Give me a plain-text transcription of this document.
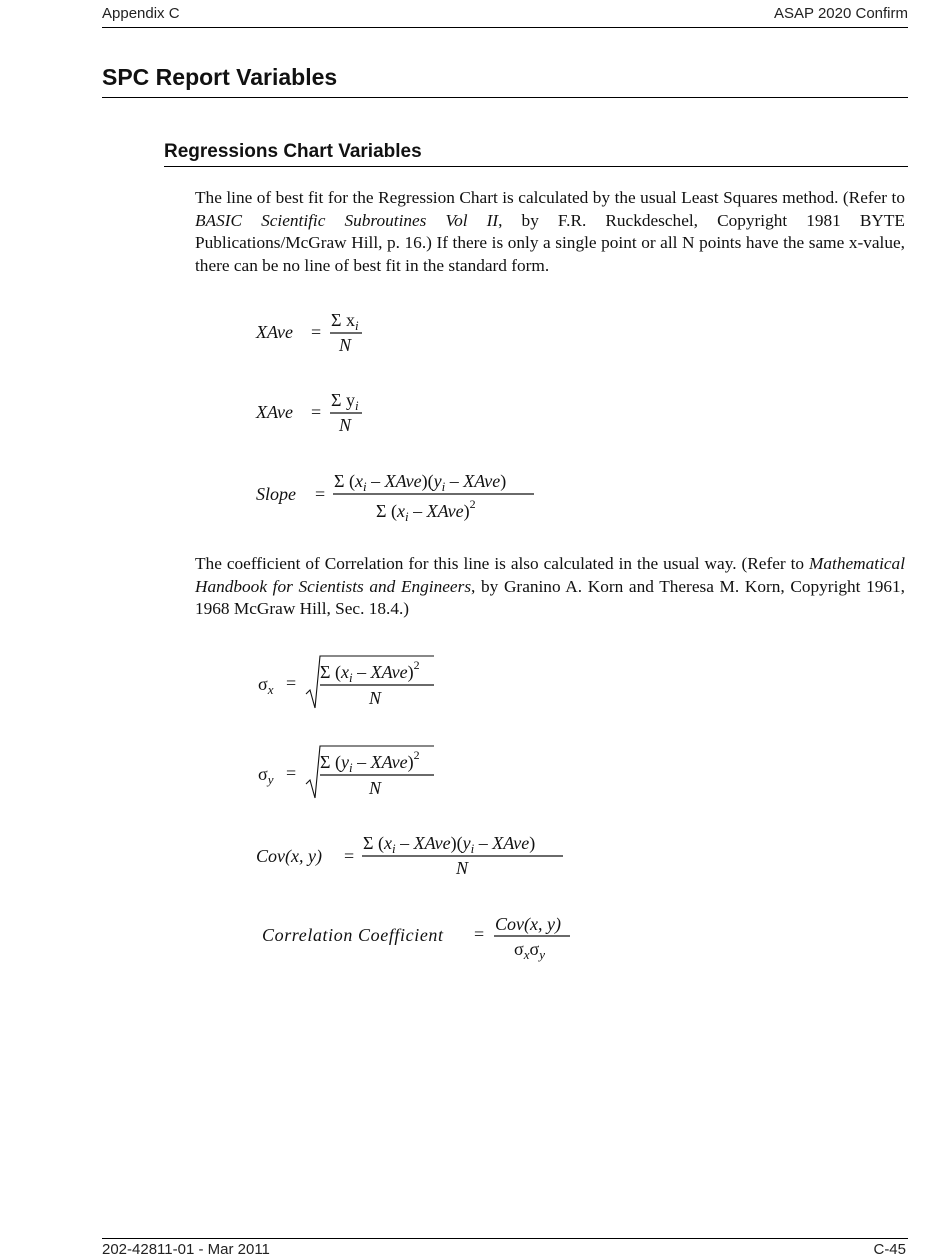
Appendix C	ASAP 2020 Confirm
SPC Report Variables
Regressions Chart Variables
The line of best fit for the Regression Chart is calculated by the usual Least Squares method. (Refer to BASIC Scientific Subroutines Vol II, by F.R. Ruckdeschel, Copyright 1981 BYTE Publications/McGraw Hill, p. 16.) If there is only a single point or all N points have the same x-value, there can be no line of best fit in the standard form.
XAve =
Σ $x_i$
N
XAve =
Σ $y_i$
N
Slope =
Σ ($x_i$ – $XAve)(y_i$ – XAve)
Σ ($x_i$ – XAve)$^2$
The coefficient of Correlation for this line is also calculated in the usual way. (Refer to Mathematical Handbook for Scientists and Engineers, by Granino A. Korn and Theresa M. Korn, Copyright 1961, 1968 McGraw Hill, Sec. 18.4.)
$\sigma_x$ =
Σ ($x_i$ – XAve)$^2$
N
$\sigma_y$ =
Σ ($y_i$ – XAve)$^2$
N
Cov(x, y) =
Σ ($x_i$ – $XAve)(y_i$ – XAve)
N
Correlation Coefficient = Cov(x, y)
$\sigma_x\sigma_y$
202-42811-01 - Mar 2011	C-45
